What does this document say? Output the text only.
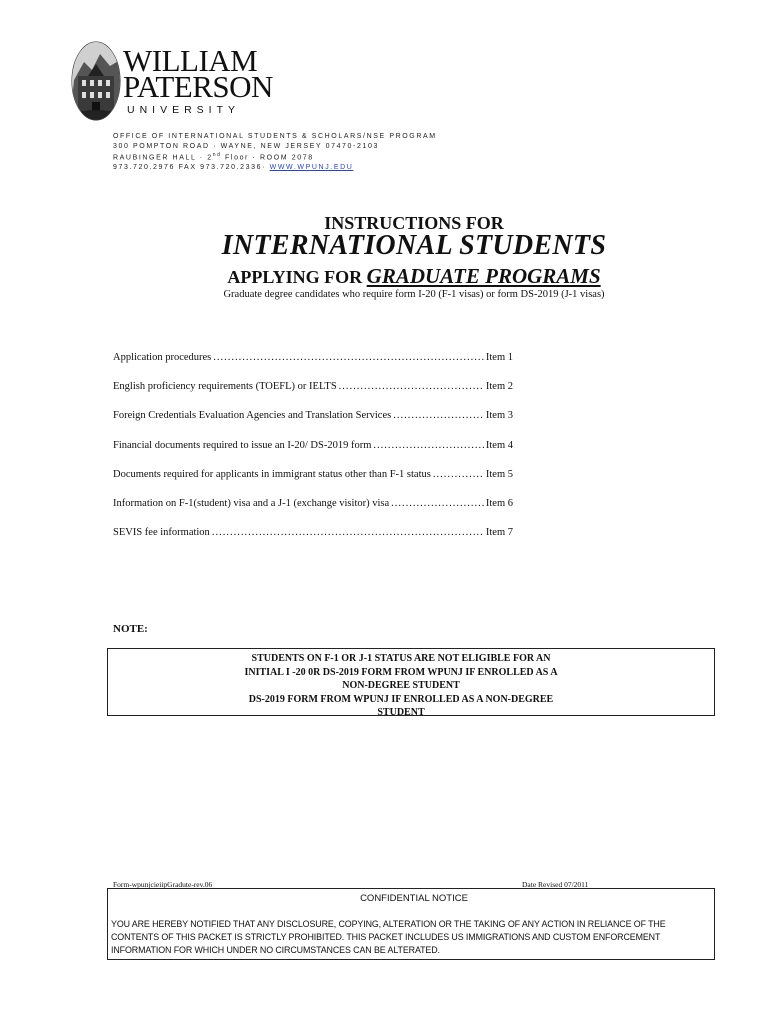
WILLIAM
PATERSON
UNIVERSITY
OFFICE OF INTERNATIONAL STUDENTS & SCHOLARS/NSE PROGRAM
300 POMPTON ROAD · WAYNE, NEW JERSEY 07470-2103
RAUBINGER HALL · 2nd Floor · ROOM 2078
973.720.2976 FAX 973.720.2336· WWW.WPUNJ.EDU
INSTRUCTIONS FOR
INTERNATIONAL STUDENTS
APPLYING FOR GRADUATE PROGRAMS
Graduate degree candidates who require form I-20 (F-1 visas) or form DS-2019 (J-1 visas)
Application procedures .....	Item 1
English proficiency requirements (TOEFL) or IELTS .....	Item 2
Foreign Credentials Evaluation Agencies and Translation Services .....	Item 3
Financial documents required to issue an I-20/ DS-2019 form .....	Item 4
Documents required for applicants in immigrant status other than F-1 status .....	Item 5
Information on F-1(student) visa and a J-1 (exchange visitor) visa .....	Item 6
SEVIS fee information .....	Item 7
NOTE:
STUDENTS ON F-1 OR J-1 STATUS ARE NOT ELIGIBLE FOR AN
INITIAL I -20 0R DS-2019 FORM FROM WPUNJ IF ENROLLED AS A
NON-DEGREE STUDENT
DS-2019 FORM FROM WPUNJ IF ENROLLED AS A NON-DEGREE
STUDENT
Form-wpunjcieiipGradute-rev.06	Date Revised 07/2011
CONFIDENTIAL NOTICE
YOU ARE HEREBY NOTIFIED THAT ANY DISCLOSURE, COPYING, ALTERATION OR THE TAKING OF ANY ACTION IN RELIANCE OF THE CONTENTS OF THIS PACKET IS STRICTLY PROHIBITED. THIS PACKET INCLUDES US IMMIGRATIONS AND CUSTOM ENFORCEMENT INFORMATION FOR WHICH UNDER NO CIRCUMSTANCES CAN BE ALTERATED.
